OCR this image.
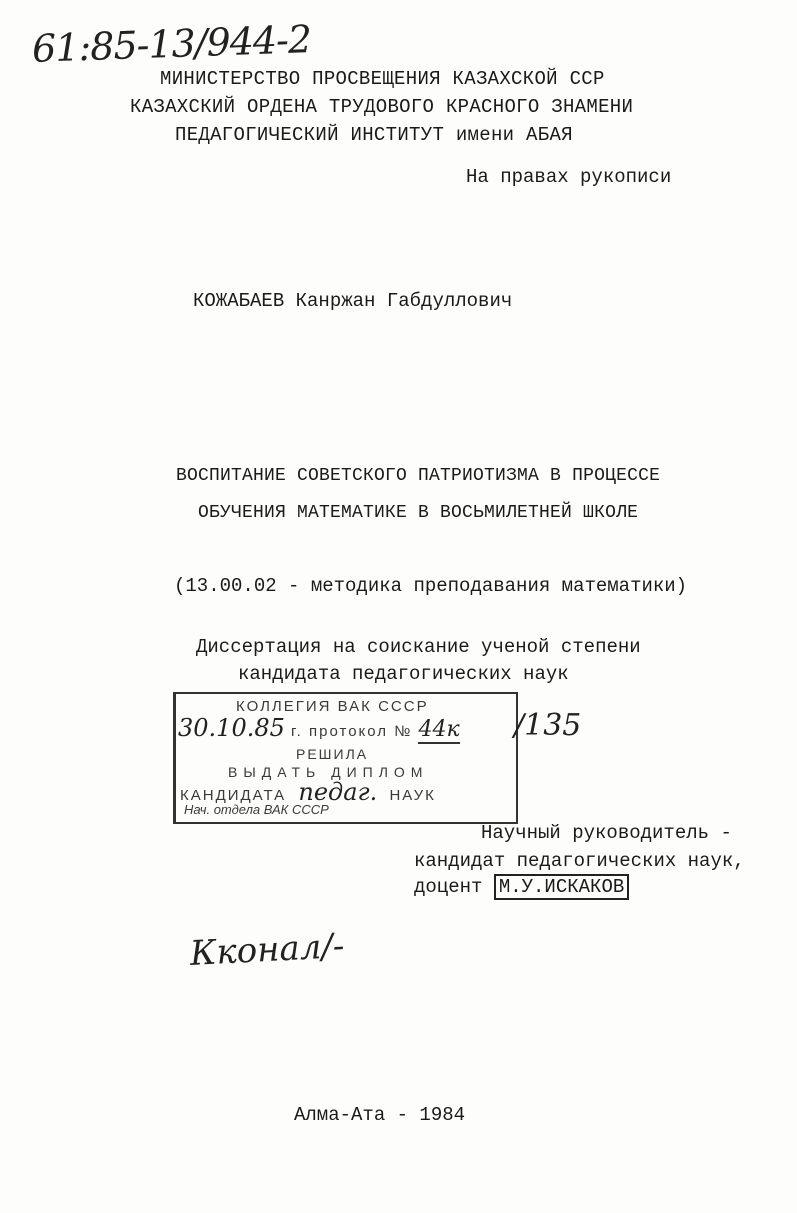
61:85-13/944-2
МИНИСТЕРСТВО ПРОСВЕЩЕНИЯ КАЗАХСКОЙ ССР
КАЗАХСКИЙ ОРДЕНА ТРУДОВОГО КРАСНОГО ЗНАМЕНИ
ПЕДАГОГИЧЕСКИЙ ИНСТИТУТ имени АБАЯ
На правах рукописи
КОЖАБАЕВ Канржан Габдуллович
ВОСПИТАНИЕ СОВЕТСКОГО ПАТРИОТИЗМА В ПРОЦЕССЕ
ОБУЧЕНИЯ МАТЕМАТИКЕ В ВОСЬМИЛЕТНЕЙ ШКОЛЕ
(13.00.02 - методика преподавания математики)
Диссертация на соискание ученой степени
кандидата педагогических наук
КОЛЛЕГИЯ ВАК СССР
30.10.85 г. протокол № 44к
РЕШИЛА
ВЫДАТЬ ДИПЛОМ
КАНДИДАТА педаг. НАУК
Нач. отдела ВАК СССР
/135
Научный руководитель -
кандидат педагогических наук,
доцент М.У.ИСКАКОВ
Кконал/-
Алма-Ата - 1984
